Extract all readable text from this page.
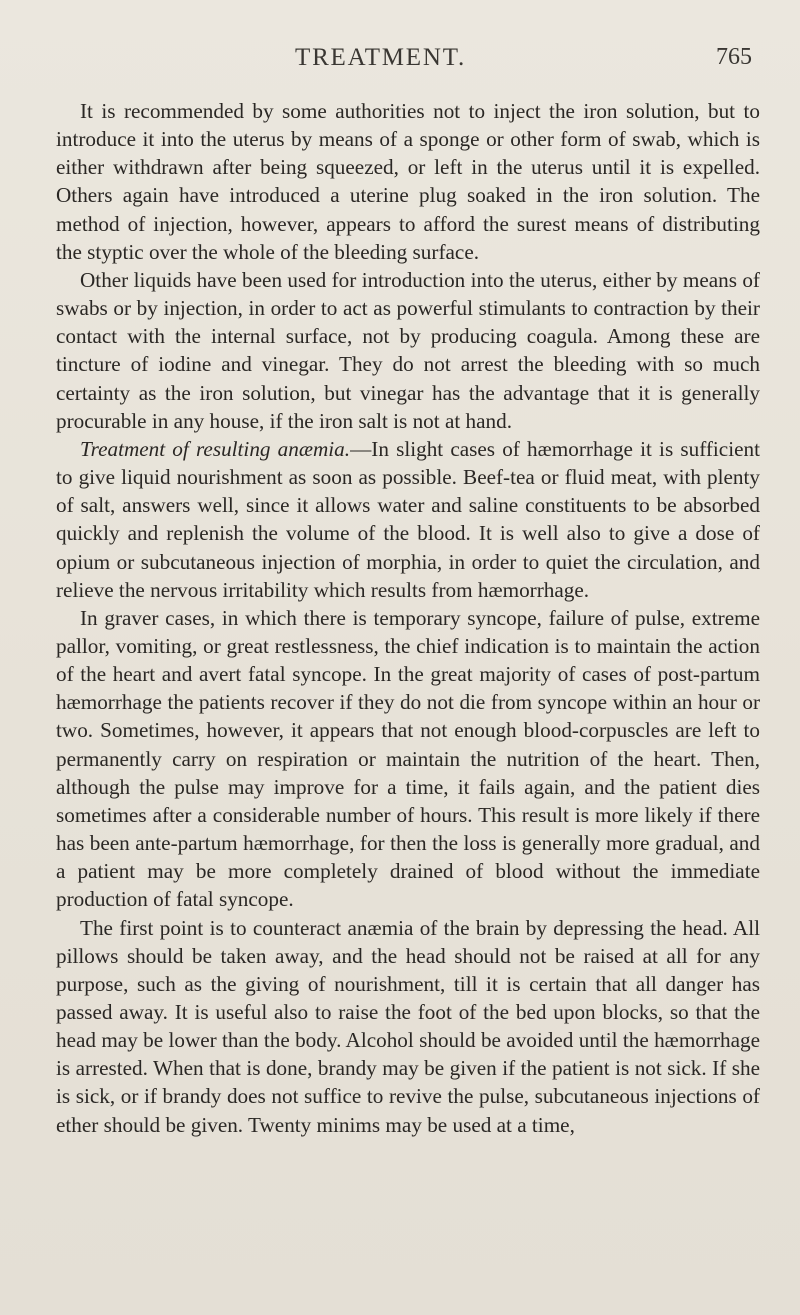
TREATMENT.	765

It is recommended by some authorities not to inject the iron solution, but to introduce it into the uterus by means of a sponge or other form of swab, which is either withdrawn after being squeezed, or left in the uterus until it is expelled. Others again have introduced a uterine plug soaked in the iron solution. The method of injection, however, appears to afford the surest means of distributing the styptic over the whole of the bleeding surface.

Other liquids have been used for introduction into the uterus, either by means of swabs or by injection, in order to act as powerful stimulants to contraction by their contact with the internal surface, not by producing coagula. Among these are tincture of iodine and vinegar. They do not arrest the bleeding with so much certainty as the iron solution, but vinegar has the advantage that it is generally procurable in any house, if the iron salt is not at hand.

Treatment of resulting anæmia.—In slight cases of hæmorrhage it is sufficient to give liquid nourishment as soon as possible. Beef-tea or fluid meat, with plenty of salt, answers well, since it allows water and saline constituents to be absorbed quickly and replenish the volume of the blood. It is well also to give a dose of opium or subcutaneous injection of morphia, in order to quiet the circulation, and relieve the nervous irritability which results from hæmorrhage.

In graver cases, in which there is temporary syncope, failure of pulse, extreme pallor, vomiting, or great restlessness, the chief indication is to maintain the action of the heart and avert fatal syncope. In the great majority of cases of post-partum hæmorrhage the patients recover if they do not die from syncope within an hour or two. Sometimes, however, it appears that not enough blood-corpuscles are left to permanently carry on respiration or maintain the nutrition of the heart. Then, although the pulse may improve for a time, it fails again, and the patient dies sometimes after a considerable number of hours. This result is more likely if there has been ante-partum hæmorrhage, for then the loss is generally more gradual, and a patient may be more completely drained of blood without the immediate production of fatal syncope.

The first point is to counteract anæmia of the brain by depressing the head. All pillows should be taken away, and the head should not be raised at all for any purpose, such as the giving of nourishment, till it is certain that all danger has passed away. It is useful also to raise the foot of the bed upon blocks, so that the head may be lower than the body. Alcohol should be avoided until the hæmorrhage is arrested. When that is done, brandy may be given if the patient is not sick. If she is sick, or if brandy does not suffice to revive the pulse, subcutaneous injections of ether should be given. Twenty minims may be used at a time,
